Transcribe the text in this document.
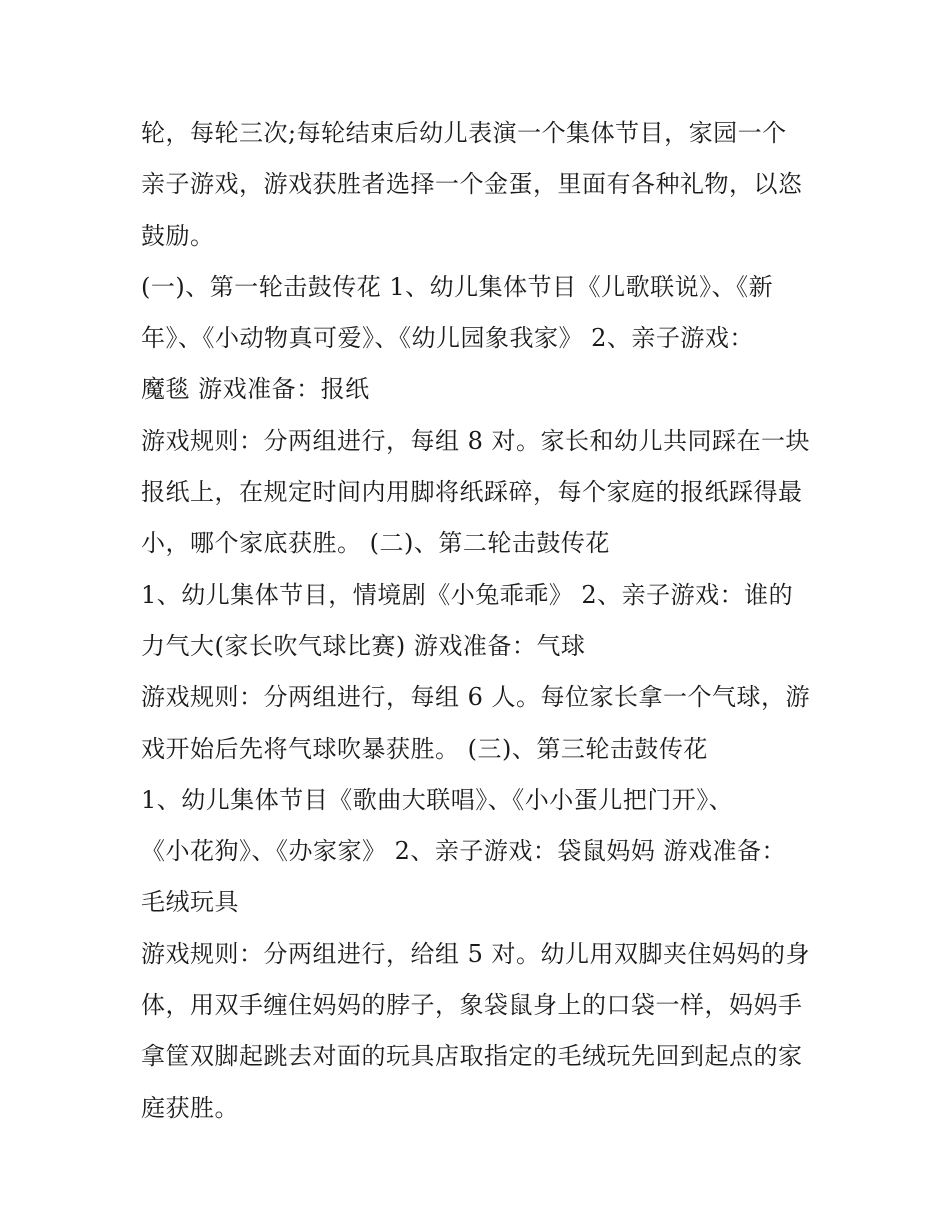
轮，每轮三次;每轮结束后幼儿表演一个集体节目，家园一个
亲子游戏，游戏获胜者选择一个金蛋，里面有各种礼物，以恣
鼓励。
(一)、第一轮击鼓传花 1、幼儿集体节目《儿歌联说》、《新
年》、《小动物真可爱》、《幼儿园象我家》 2、亲子游戏：
魔毯 游戏准备：报纸
游戏规则：分两组进行，每组 8 对。家长和幼儿共同踩在一块
报纸上，在规定时间内用脚将纸踩碎，每个家庭的报纸踩得最
小，哪个家底获胜。 (二)、第二轮击鼓传花
1、幼儿集体节目，情境剧《小兔乖乖》 2、亲子游戏：谁的
力气大(家长吹气球比赛) 游戏准备：气球
游戏规则：分两组进行，每组 6 人。每位家长拿一个气球，游
戏开始后先将气球吹暴获胜。 (三)、第三轮击鼓传花
1、幼儿集体节目《歌曲大联唱》、《小小蛋儿把门开》、
《小花狗》、《办家家》 2、亲子游戏：袋鼠妈妈 游戏准备：
毛绒玩具
游戏规则：分两组进行，给组 5 对。幼儿用双脚夹住妈妈的身
体，用双手缠住妈妈的脖子，象袋鼠身上的口袋一样，妈妈手
拿筐双脚起跳去对面的玩具店取指定的毛绒玩先回到起点的家
庭获胜。
